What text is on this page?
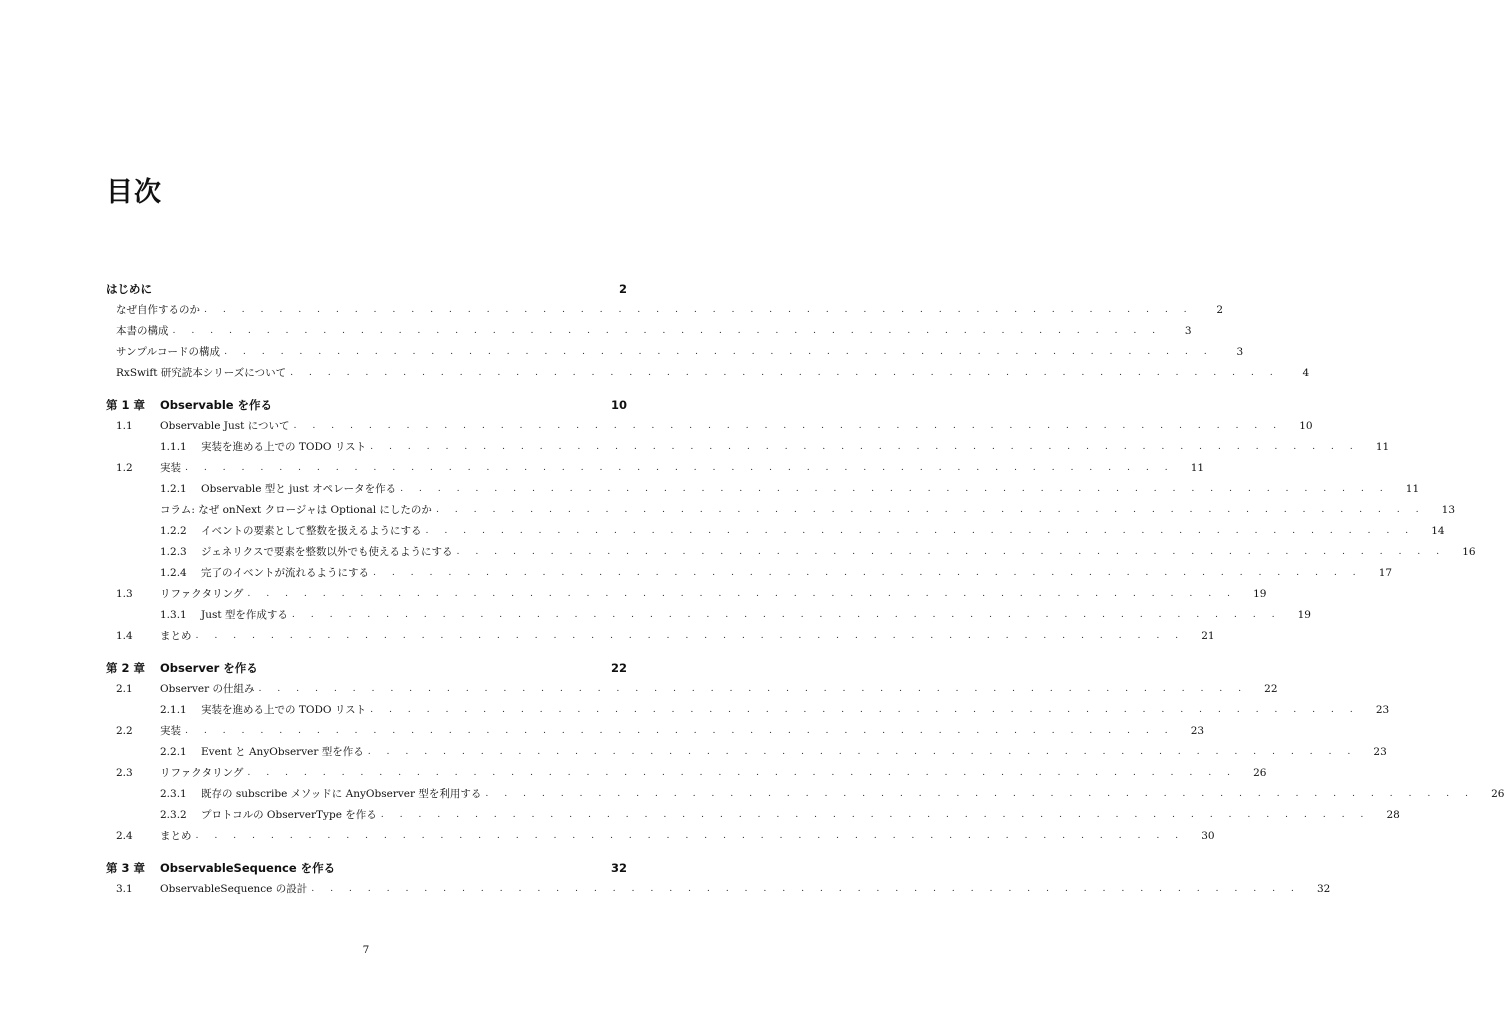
目次
はじめに	2
なぜ自作するのか . . . . . . . . . . . . . . . . . . . . . . . . . . . . . . . . . . . . . . . . . . . . . . . . . . . . .	2
本書の構成 . . . . . . . . . . . . . . . . . . . . . . . . . . . . . . . . . . . . . . . . . . . . . . . . . . . . .	3
サンプルコードの構成 . . . . . . . . . . . . . . . . . . . . . . . . . . . . . . . . . . . . . . . . . . . . . . . . . . . . .	3
RxSwift 研究読本シリーズについて . . . . . . . . . . . . . . . . . . . . . . . . . . . . . . . . . . . . . . . . . . . . . . . . . . . . .	4
第 1 章	Observable を作る	10
1.1	Observable Just について . . . . . . . . . . . . . . . . . . . . . . . . . . . . . . . . . . . . . . . . . . . . . . . . . . . . .	10
1.1.1	実装を進める上での TODO リスト . . . . . . . . . . . . . . . . . . . . . . . . . . . . . . . . . . . . . . . . . . . . . . . . . . . . .	11
1.2	実装 . . . . . . . . . . . . . . . . . . . . . . . . . . . . . . . . . . . . . . . . . . . . . . . . . . . . .	11
1.2.1	Observable 型と just オペレータを作る . . . . . . . . . . . . . . . . . . . . . . . . . . . . . . . . . . . . . . . . . . . . . . . . . . . . .	11
コラム: なぜ onNext クロージャは Optional にしたのか . . . . . . . . . . . . . . . . . . . . . . . . . . . . . . . . . . . . . . . . . . . . . . . . . . . . .	13
1.2.2	イベントの要素として整数を扱えるようにする . . . . . . . . . . . . . . . . . . . . . . . . . . . . . . . . . . . . . . . . . . . . . . . . . . . . .	14
1.2.3	ジェネリクスで要素を整数以外でも使えるようにする . . . . . . . . . . . . . . . . . . . . . . . . . . . . . . . . . . . . . . . . . . . . . . . . . . . . .	16
1.2.4	完了のイベントが流れるようにする . . . . . . . . . . . . . . . . . . . . . . . . . . . . . . . . . . . . . . . . . . . . . . . . . . . . .	17
1.3	リファクタリング . . . . . . . . . . . . . . . . . . . . . . . . . . . . . . . . . . . . . . . . . . . . . . . . . . . . .	19
1.3.1	Just 型を作成する . . . . . . . . . . . . . . . . . . . . . . . . . . . . . . . . . . . . . . . . . . . . . . . . . . . . .	19
1.4	まとめ . . . . . . . . . . . . . . . . . . . . . . . . . . . . . . . . . . . . . . . . . . . . . . . . . . . . .	21
第 2 章	Observer を作る	22
2.1	Observer の仕組み . . . . . . . . . . . . . . . . . . . . . . . . . . . . . . . . . . . . . . . . . . . . . . . . . . . . .	22
2.1.1	実装を進める上での TODO リスト . . . . . . . . . . . . . . . . . . . . . . . . . . . . . . . . . . . . . . . . . . . . . . . . . . . . .	23
2.2	実装 . . . . . . . . . . . . . . . . . . . . . . . . . . . . . . . . . . . . . . . . . . . . . . . . . . . . .	23
2.2.1	Event と AnyObserver 型を作る . . . . . . . . . . . . . . . . . . . . . . . . . . . . . . . . . . . . . . . . . . . . . . . . . . . . .	23
2.3	リファクタリング . . . . . . . . . . . . . . . . . . . . . . . . . . . . . . . . . . . . . . . . . . . . . . . . . . . . .	26
2.3.1	既存の subscribe メソッドに AnyObserver 型を利用する . . . . . . . . . . . . . . . . . . . . . . . . . . . . . . . . . . . . . . . . . . . . . . . . . . . . .	26
2.3.2	プロトコルの ObserverType を作る . . . . . . . . . . . . . . . . . . . . . . . . . . . . . . . . . . . . . . . . . . . . . . . . . . . . .	28
2.4	まとめ . . . . . . . . . . . . . . . . . . . . . . . . . . . . . . . . . . . . . . . . . . . . . . . . . . . . .	30
第 3 章	ObservableSequence を作る	32
3.1	ObservableSequence の設計 . . . . . . . . . . . . . . . . . . . . . . . . . . . . . . . . . . . . . . . . . . . . . . . . . . . . .	32
7
